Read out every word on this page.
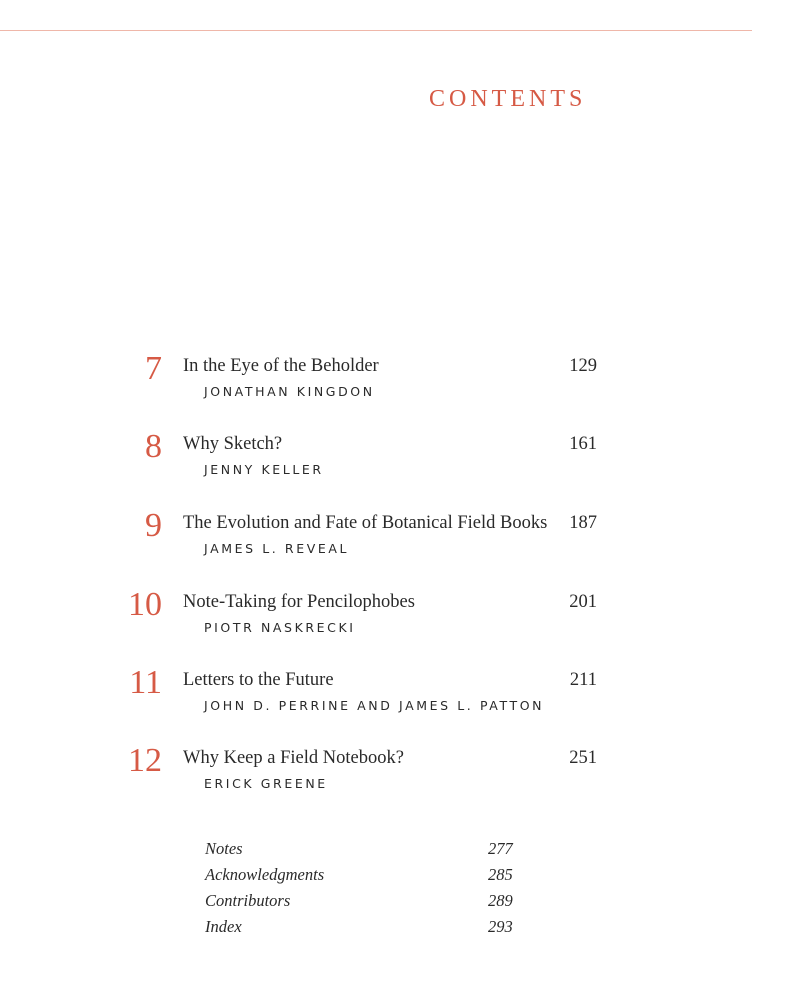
CONTENTS
7 In the Eye of the Beholder	129
JONATHAN KINGDON
8 Why Sketch?	161
JENNY KELLER
9 The Evolution and Fate of Botanical Field Books 187
JAMES L. REVEAL
10 Note-Taking for Pencilophobes	201
PIOTR NASKRECKI
11 Letters to the Future	211
JOHN D. PERRINE AND JAMES L. PATTON
12 Why Keep a Field Notebook?	251
ERICK GREENE
Notes	277
Acknowledgments	285
Contributors	289
Index	293
